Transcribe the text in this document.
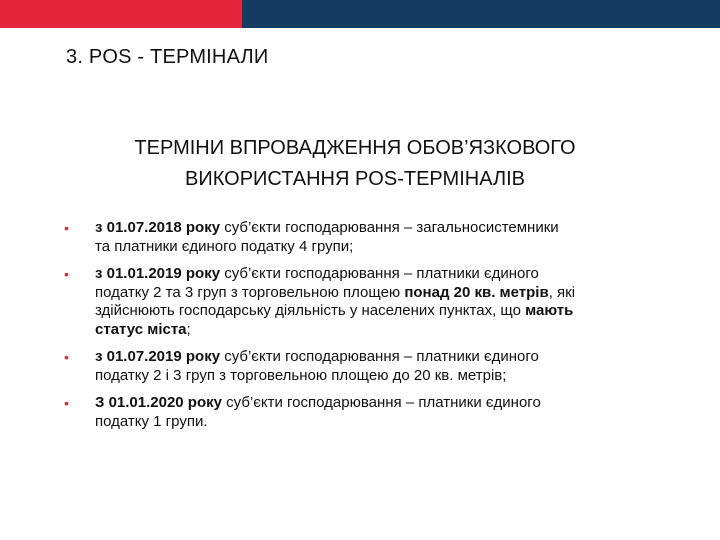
3. POS - ТЕРМІНАЛИ
ТЕРМІНИ ВПРОВАДЖЕННЯ ОБОВ’ЯЗКОВОГО
ВИКОРИСТАННЯ POS-ТЕРМІНАЛІВ
• з 01.07.2018 року суб’єкти господарювання – загальносистемники
та платники єдиного податку 4 групи;
• з 01.01.2019 року суб’єкти господарювання – платники єдиного
податку 2 та 3 груп з торговельною площею понад 20 кв. метрів, які
здійснюють господарську діяльність у населених пунктах, що мають
статус міста;
• з 01.07.2019 року суб’єкти господарювання – платники єдиного
податку 2 і 3 груп з торговельною площею до 20 кв. метрів;
• З 01.01.2020 року суб’єкти господарювання – платники єдиного
податку 1 групи.
